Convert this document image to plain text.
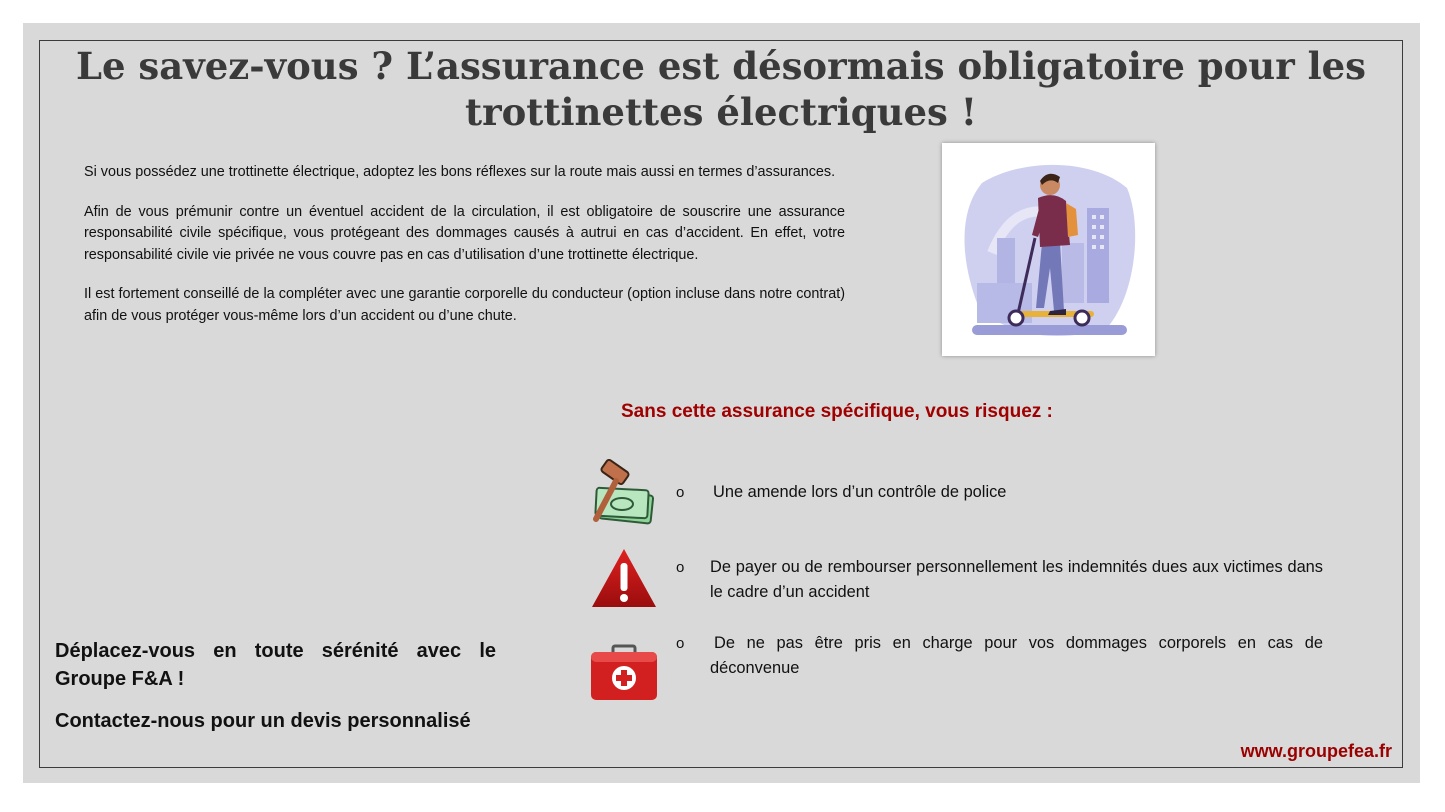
Le savez-vous ? L’assurance est désormais obligatoire pour les
trottinettes électriques !

Si vous possédez une trottinette électrique, adoptez les bons réflexes sur la route mais aussi en termes d’assurances.

Afin de vous prémunir contre un éventuel accident de la circulation, il est obligatoire de souscrire une assurance responsabilité civile spécifique, vous protégeant des dommages causés à autrui en cas d’accident. En effet, votre responsabilité civile vie privée ne vous couvre pas en cas d’utilisation d’une trottinette électrique.

Il est fortement conseillé de la compléter avec une garantie corporelle du conducteur (option incluse dans notre contrat) afin de vous protéger vous-même lors d’un accident ou d’une chute.

Sans cette assurance spécifique, vous risquez :
o Une amende lors d’un contrôle de police
o De payer ou de rembourser personnellement les indemnités dues aux victimes dans le cadre d’un accident
o De ne pas être pris en charge pour vos dommages corporels en cas de déconvenue
Déplacez-vous en toute sérénité avec le Groupe F&A !
Contactez-nous pour un devis personnalisé
www.groupefea.fr
